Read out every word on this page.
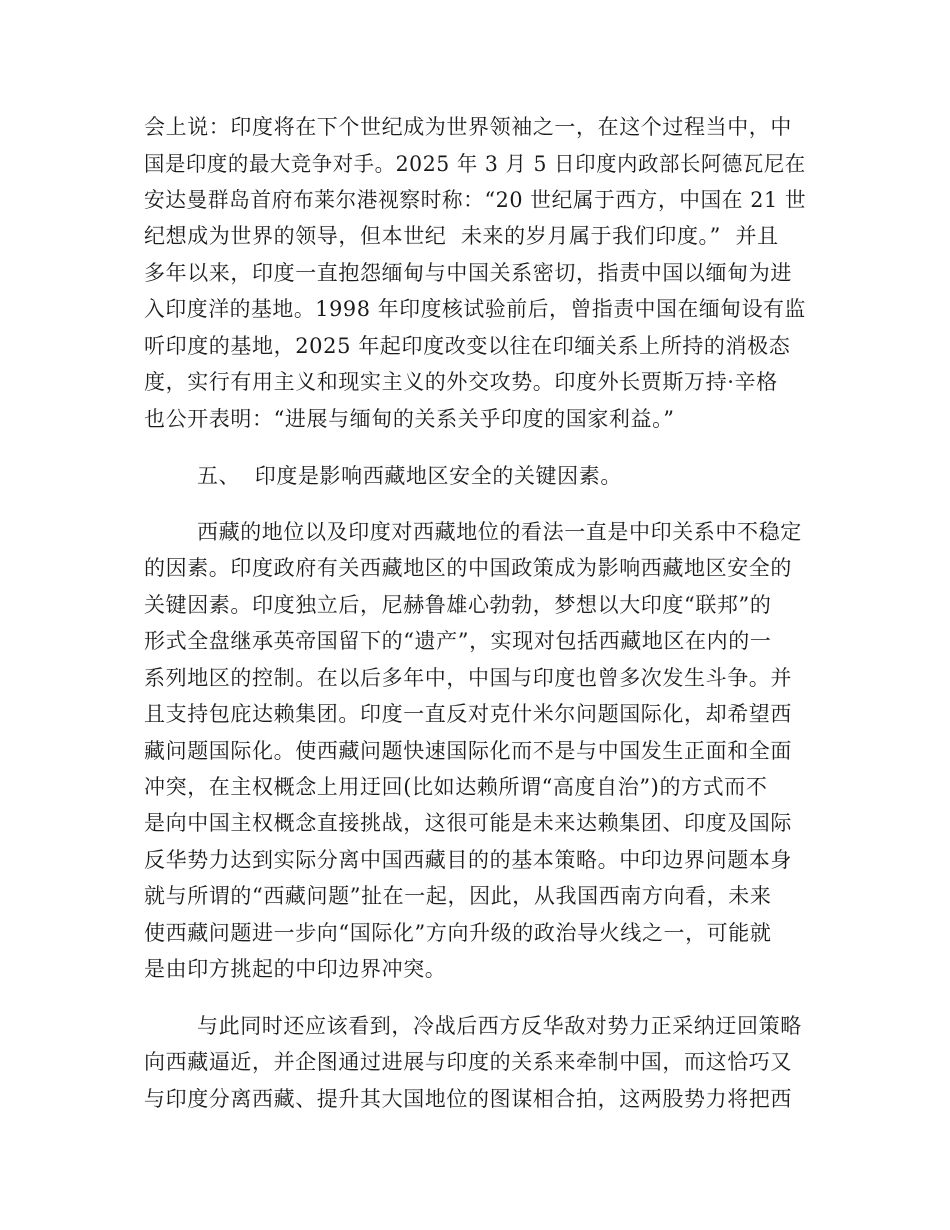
会上说：印度将在下个世纪成为世界领袖之一，在这个过程当中，中
国是印度的最大竞争对手。2025 年 3 月 5 日印度内政部长阿德瓦尼在
安达曼群岛首府布莱尔港视察时称：“20 世纪属于西方，中国在 21 世
纪想成为世界的领导，但本世纪  未来的岁月属于我们印度。”  并且
多年以来，印度一直抱怨缅甸与中国关系密切，指责中国以缅甸为进
入印度洋的基地。1998 年印度核试验前后，曾指责中国在缅甸设有监
听印度的基地，2025 年起印度改变以往在印缅关系上所持的消极态
度，实行有用主义和现实主义的外交攻势。印度外长贾斯万持·辛格
也公开表明：“进展与缅甸的关系关乎印度的国家利益。”
五、  印度是影响西藏地区安全的关键因素。
西藏的地位以及印度对西藏地位的看法一直是中印关系中不稳定
的因素。印度政府有关西藏地区的中国政策成为影响西藏地区安全的
关键因素。印度独立后，尼赫鲁雄心勃勃，梦想以大印度“联邦”的
形式全盘继承英帝国留下的“遗产”，实现对包括西藏地区在内的一
系列地区的控制。在以后多年中，中国与印度也曾多次发生斗争。并
且支持包庇达赖集团。印度一直反对克什米尔问题国际化，却希望西
藏问题国际化。使西藏问题快速国际化而不是与中国发生正面和全面
冲突，在主权概念上用迂回(比如达赖所谓“高度自治”)的方式而不
是向中国主权概念直接挑战，这很可能是未来达赖集团、印度及国际
反华势力达到实际分离中国西藏目的的基本策略。中印边界问题本身
就与所谓的“西藏问题”扯在一起，因此，从我国西南方向看，未来
使西藏问题进一步向“国际化”方向升级的政治导火线之一，可能就
是由印方挑起的中印边界冲突。
与此同时还应该看到，冷战后西方反华敌对势力正采纳迂回策略
向西藏逼近，并企图通过进展与印度的关系来牵制中国，而这恰巧又
与印度分离西藏、提升其大国地位的图谋相合拍，这两股势力将把西
